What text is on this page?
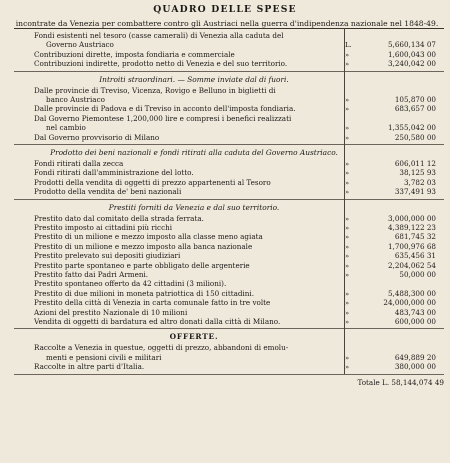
QUADRO DELLE SPESE
incontrate da Venezia per combattere contro gli Austriaci nella guerra d'indipendenza nazionale nel 1848-49.
Fondi esistenti nel tesoro (casse camerali) di Venezia alla caduta del
Governo Austriaco	L.	5,660,134 07
Contribuzioni dirette, imposta fondiaria e commerciale	»	1,600,043 00
Contribuzioni indirette, prodotto netto di Venezia e del suo territorio.	»	3,240,042 00
Introiti straordinari. — Somme inviate dal di fuori.
Dalle provincie di Treviso, Vicenza, Rovigo e Belluno in biglietti di
banco Austriaco	»	105,870 00
Dalle provincie di Padova e di Treviso in acconto dell'imposta fondiaria.	»	683,657 00
Dal Governo Piemontese 1,200,000 lire e compresi i benefici realizzati
nel cambio	»	1,355,042 00
Dal Governo provvisorio di Milano	»	250,580 00
Prodotto dei beni nazionali e fondi ritirati alla caduta del Governo Austriaco.
Fondi ritirati dalla zecca	»	606,011 12
Fondi ritirati dall'amministrazione del lotto.	»	38,125 93
Prodotti della vendita di oggetti di prezzo appartenenti al Tesoro	»	3,782 03
Prodotto della vendita de' beni nazionali	»	337,491 93
Prestiti forniti da Venezia e dal suo territorio.
Prestito dato dal comitato della strada ferrata.	»	3,000,000 00
Prestito imposto ai cittadini più ricchi	»	4,389,122 23
Prestito di un milione e mezzo imposto alla classe meno agiata	»	681,745 32
Prestito di un milione e mezzo imposto alla banca nazionale	»	1,700,976 68
Prestito prelevato sui depositi giudiziari	»	635,456 31
Prestito parte spontaneo e parte obbligato delle argenterie	»	2,204,062 54
Prestito fatto dai Padri Armeni.	»	50,000 00
Prestito spontaneo offerto da 42 cittadini (3 milioni).
Prestito di due milioni in moneta patriottica di 150 cittadini.	»	5,488,300 00
Prestito della città di Venezia in carta comunale fatto in tre volte	»	24,000,000 00
Azioni del prestito Nazionale di 10 milioni	»	483,743 00
Vendita di oggetti di bardatura ed altro donati dalla città di Milano.	»	600,000 00
OFFERTE.
Raccolte a Venezia in questue, oggetti di prezzo, abbandoni di emolu-
menti e pensioni civili e militari	»	649,889 20
Raccolte in altre parti d'Italia.	»	380,000 00
Totale L. 58,144,074 49
